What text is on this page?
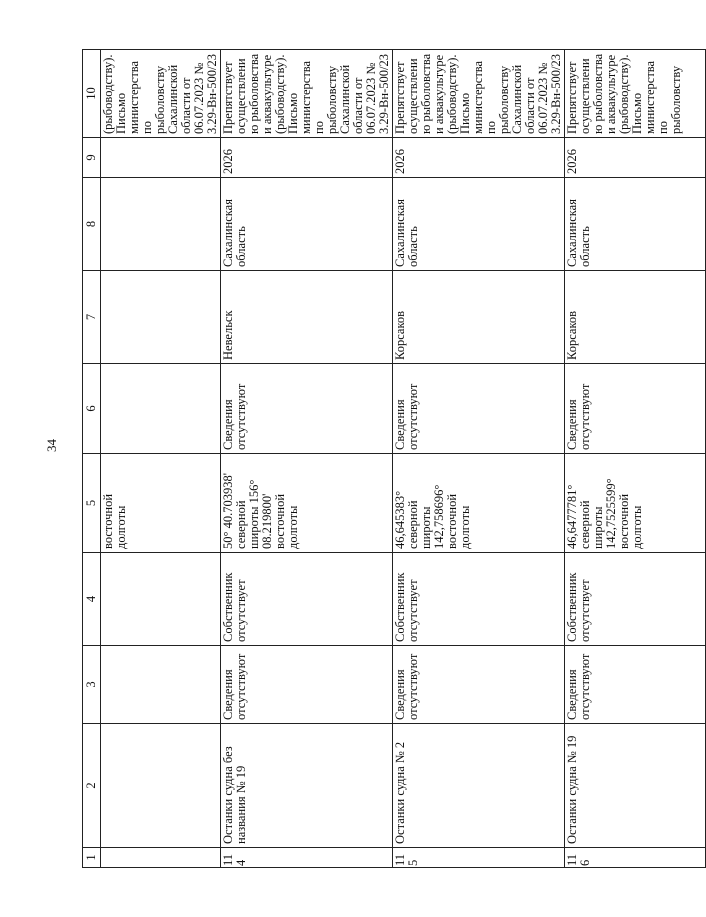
34
1	2	3	4	5	6	7	8	9	10
				восточной долготы					(рыбоводству). Письмо министерства по рыболовству Сахалинской области от 06.07.2023 № 3.29-Вн-500/23
114	Останки судна без названия № 19	Сведения отсутствуют	Собственник отсутствует	50° 40.703938' северной широты 156° 08.219800' восточной долготы	Сведения отсутствуют	Невельск	Сахалинская область	2026	Препятствует осуществлению рыболовства и аквакультуре (рыбоводству). Письмо министерства по рыболовству Сахалинской области от 06.07.2023 № 3.29-Вн-500/23
115	Останки судна № 2	Сведения отсутствуют	Собственник отсутствует	46,645383° северной широты 142,758696° восточной долготы	Сведения отсутствуют	Корсаков	Сахалинская область	2026	Препятствует осуществлению рыболовства и аквакультуре (рыбоводству). Письмо министерства по рыболовству Сахалинской области от 06.07.2023 № 3.29-Вн-500/23
116	Останки судна № 19	Сведения отсутствуют	Собственник отсутствует	46,6477781° северной широты 142,7525599° восточной долготы	Сведения отсутствуют	Корсаков	Сахалинская область	2026	Препятствует осуществлению рыболовства и аквакультуре (рыбоводству). Письмо министерства по рыболовству
